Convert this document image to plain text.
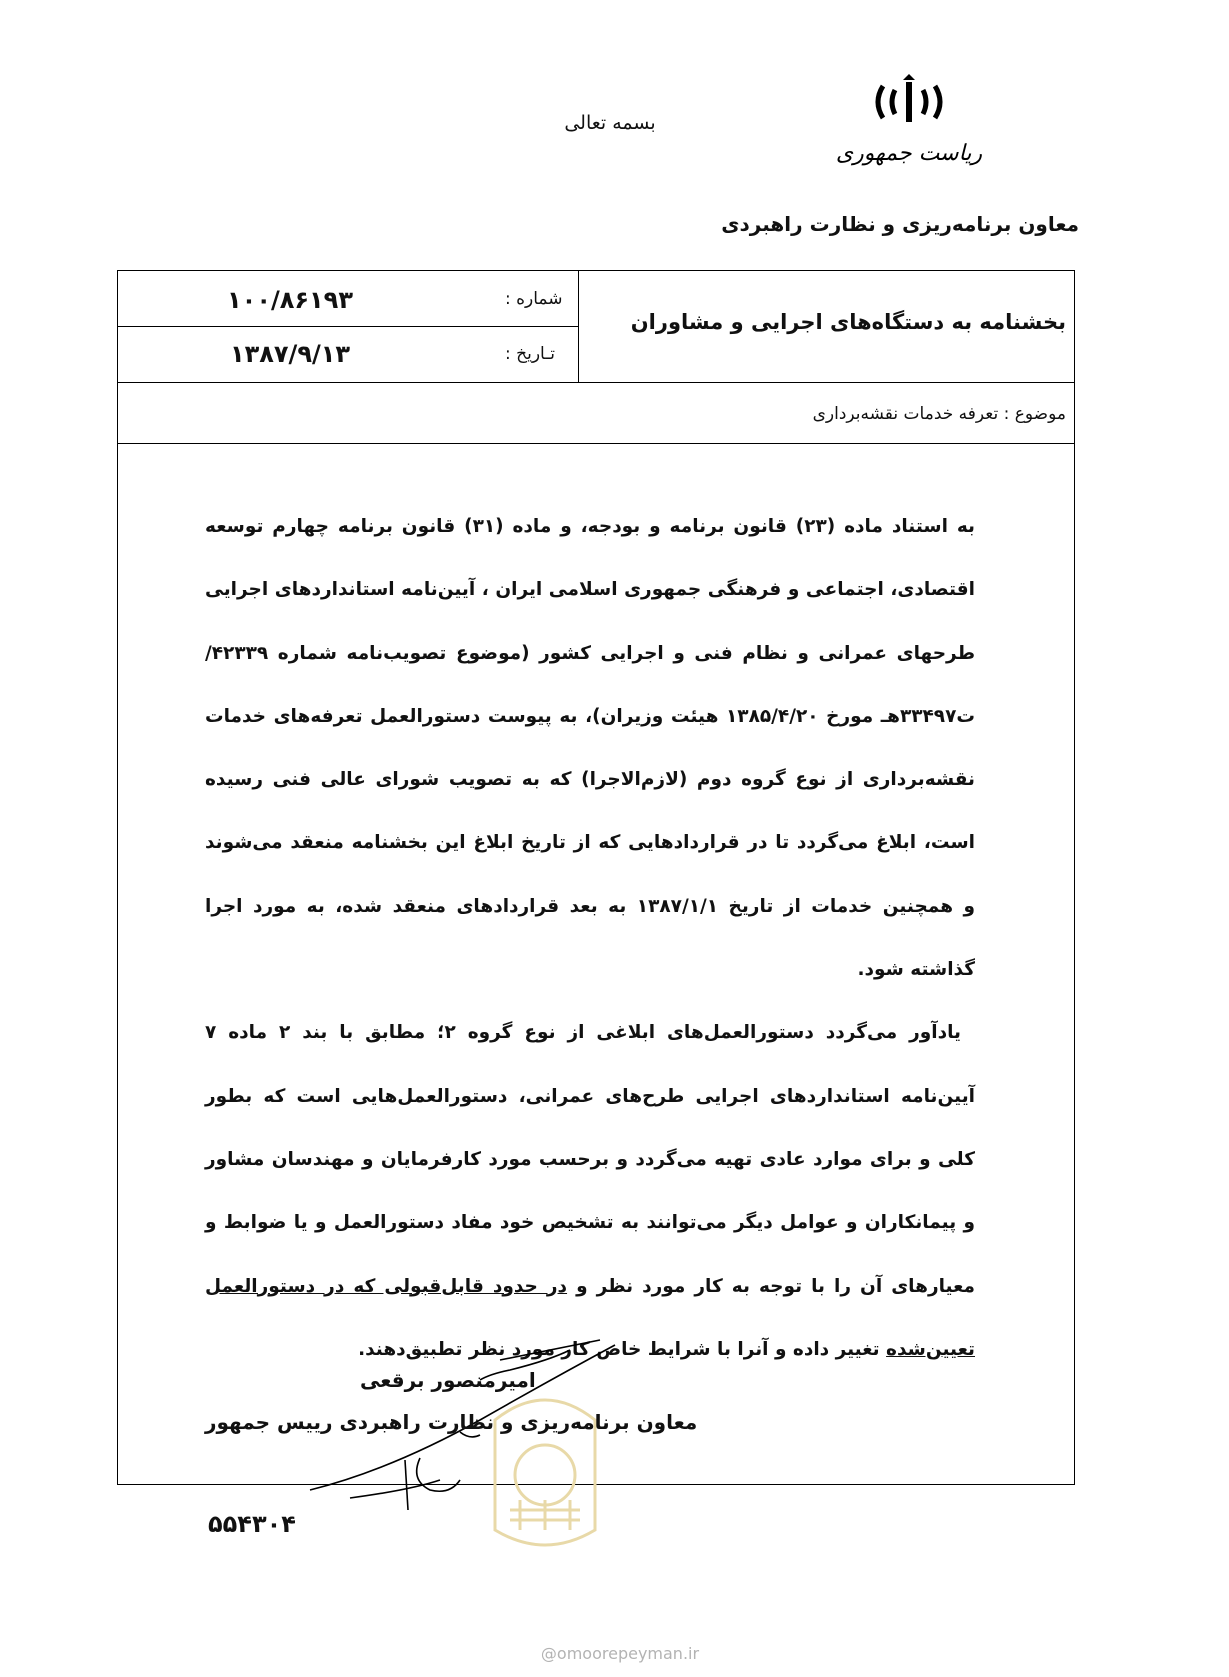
بسمه تعالی
ریاست جمهوری
معاون برنامه‌ریزی و نظارت راهبردی
بخشنامه به دستگاه‌های اجرایی و مشاوران
شماره :
۱۰۰/۸۶۱۹۳
تـاریخ :
۱۳۸۷/۹/۱۳
موضوع : تعرفه خدمات نقشه‌برداری

به استناد ماده (۲۳) قانون برنامه و بودجه، و ماده (۳۱) قانون برنامه چهارم توسعه اقتصادی، اجتماعی و فرهنگی جمهوری اسلامی ایران ، آیین‌نامه استانداردهای اجرایی طرحهای عمرانی و نظام فنی و اجرایی کشور (موضوع تصویب‌نامه شماره ۴۲۳۳۹/ت۳۳۴۹۷هـ مورخ ۱۳۸۵/۴/۲۰ هیئت وزیران)، به پیوست دستورالعمل تعرفه‌های خدمات نقشه‌برداری از نوع گروه دوم (لازم‌الاجرا) که به تصویب شورای عالی فنی رسیده است، ابلاغ می‌گردد تا در قراردادهایی که از تاریخ ابلاغ این بخشنامه منعقد می‌شوند و همچنین خدمات از تاریخ ۱۳۸۷/۱/۱ به بعد قراردادهای منعقد شده، به مورد اجرا گذاشته شود.

یادآور می‌گردد دستورالعمل‌های ابلاغی از نوع گروه ۲؛ مطابق با بند ۲ ماده ۷ آیین‌نامه استانداردهای اجرایی طرح‌های عمرانی، دستورالعمل‌هایی است که بطور کلی و برای موارد عادی تهیه می‌گردد و برحسب مورد کارفرمایان و مهندسان مشاور و پیمانکاران و عوامل دیگر می‌توانند به تشخیص خود مفاد دستورالعمل و یا ضوابط و معیارهای آن را با توجه به کار مورد نظر و در حدود قابل‌قبولی که در دستورالعمل تعیین‌شده تغییر داده و آنرا با شرایط خاص کار مورد نظر تطبیق‌دهند.

امیرمنصور برقعی
معاون برنامه‌ریزی و نظارت راهبردی رییس جمهور
۵۵۴۳۰۴
@omoorepeyman.ir
